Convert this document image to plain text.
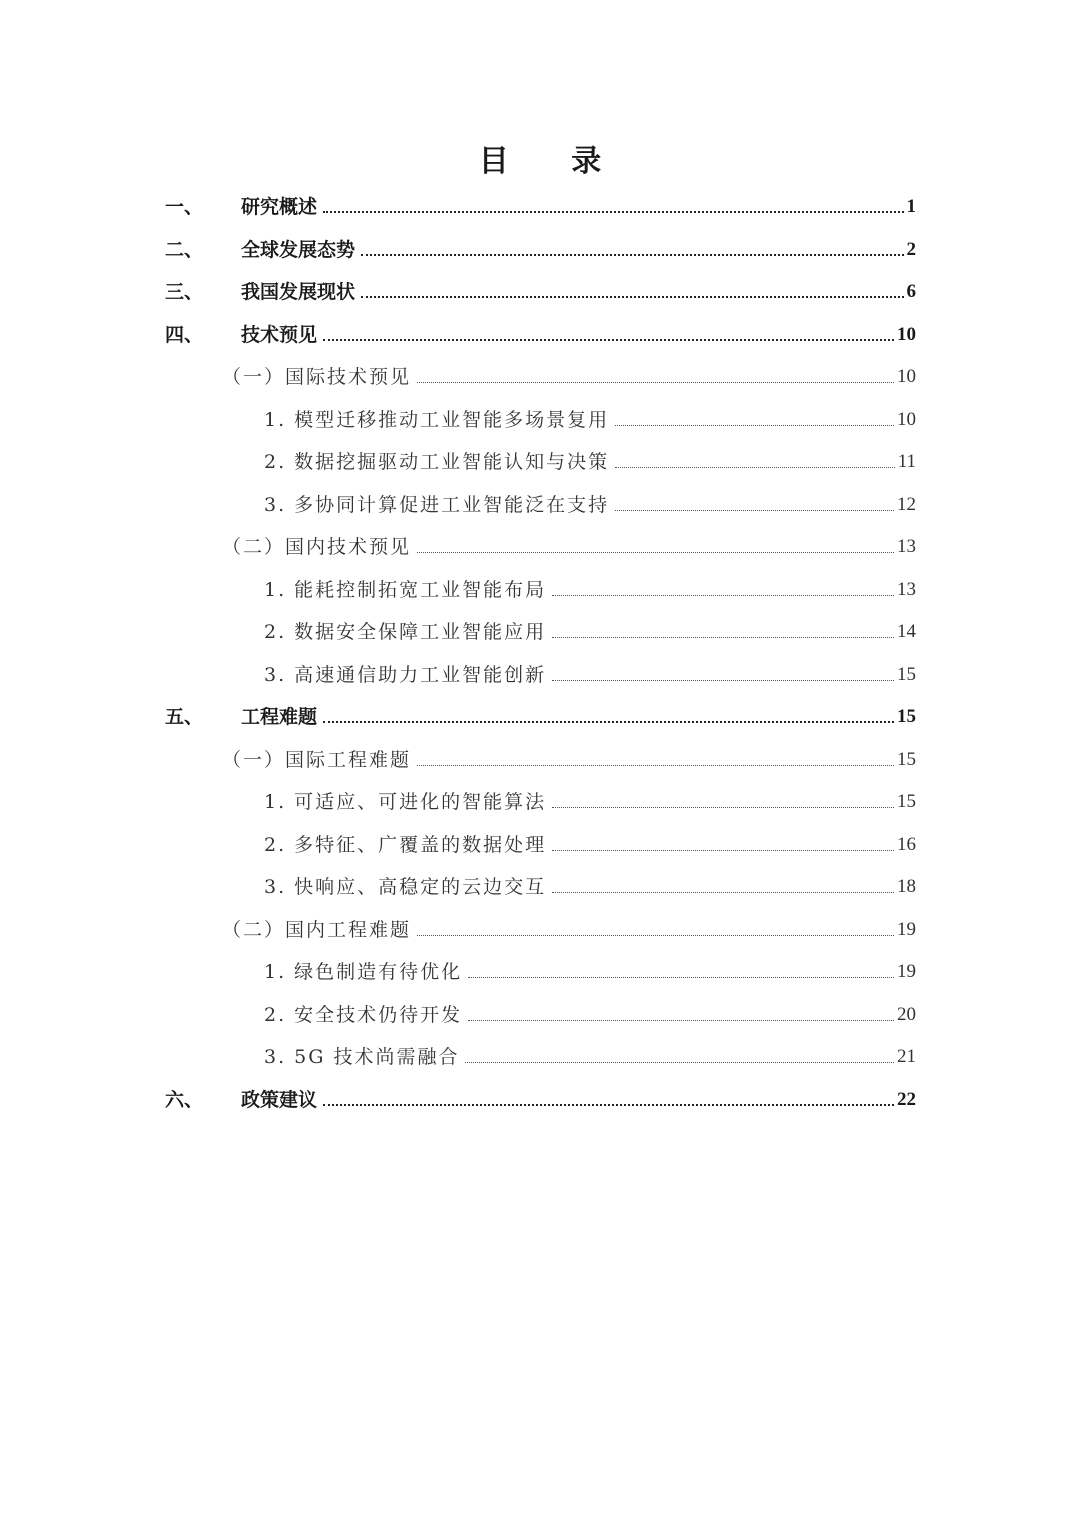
目 录
一、	研究概述	1
二、	全球发展态势	2
三、	我国发展现状	6
四、	技术预见	10
（一）国际技术预见	10
1. 模型迁移推动工业智能多场景复用	10
2. 数据挖掘驱动工业智能认知与决策	11
3. 多协同计算促进工业智能泛在支持	12
（二）国内技术预见	13
1. 能耗控制拓宽工业智能布局	13
2. 数据安全保障工业智能应用	14
3. 高速通信助力工业智能创新	15
五、	工程难题	15
（一）国际工程难题	15
1. 可适应、可进化的智能算法	15
2. 多特征、广覆盖的数据处理	16
3. 快响应、高稳定的云边交互	18
（二）国内工程难题	19
1. 绿色制造有待优化	19
2. 安全技术仍待开发	20
3. 5G 技术尚需融合	21
六、	政策建议	22
